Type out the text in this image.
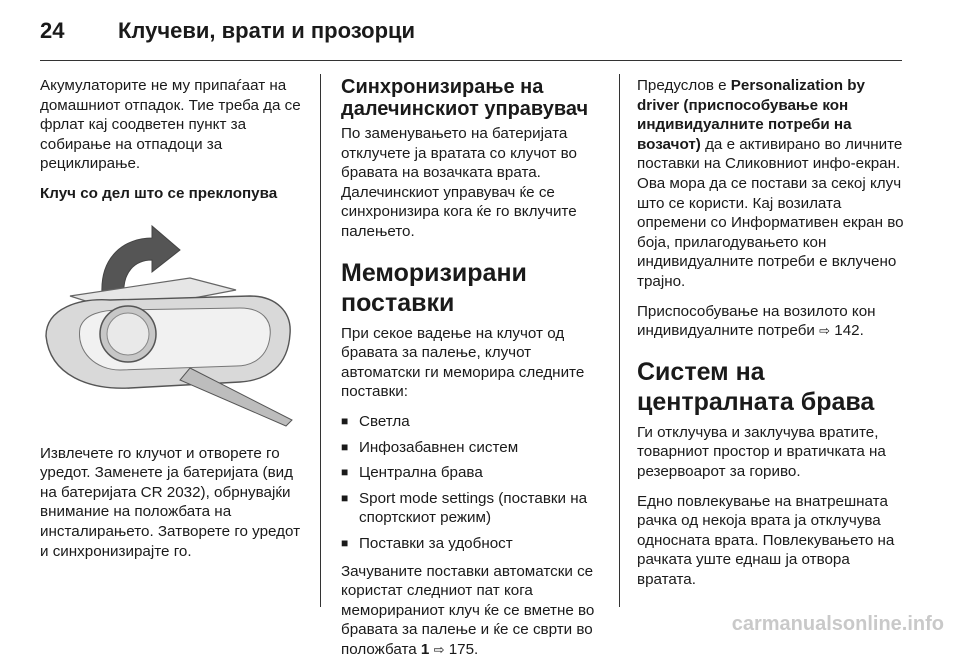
24 Клучеви, врати и прозорци

Акумулаторите не му припаѓаат на домашниот отпадок. Тие треба да се фрлат кај соодветен пункт за собирање на отпадоци за рециклирање.

Клуч со дел што се преклопува

Извлечете го клучот и отворете го уредот. Заменете ја батеријата (вид на батеријата CR 2032), обрнувајќи внимание на положбата на инсталирањето. Затворете го уредот и синхронизирајте го.

Синхронизирање на далечинскиот управувач

По заменувањето на батеријата отклучете ја вратата со клучот во бравата на возачката врата. Далечинскиот управувач ќе се синхронизира кога ќе го вклучите палењето.

Меморизирани поставки

При секое вадење на клучот од бравата за палење, клучот автоматски ги меморира следните поставки:

■ Светла
■ Инфозабавнен систем
■ Централна брава
■ Sport mode settings (поставки на спортскиот режим)
■ Поставки за удобност

Зачуваните поставки автоматски се користат следниот пат кога меморираниот клуч ќе се вметне во бравата за палење и ќе се сврти во положбата 1 ⇨ 175.

Предуслов е Personalization by driver (приспособување кон индивидуалните потреби на возачот) да е активирано во личните поставки на Сликовниот инфо-екран. Ова мора да се постави за секој клуч што се користи. Кај возилата опремени со Информативен екран во боја, прилагодувањето кон индивидуалните потреби е вклучено трајно.

Приспособување на возилото кон индивидуалните потреби ⇨ 142.

Систем на централната брава

Ги отклучува и заклучува вратите, товарниот простор и вратичката на резервоарот за гориво.

Едно повлекување на внатрешната рачка од некоја врата ја отклучува односната врата. Повлекувањето на рачката уште еднаш ја отвора вратата.

carmanualsonline.info
